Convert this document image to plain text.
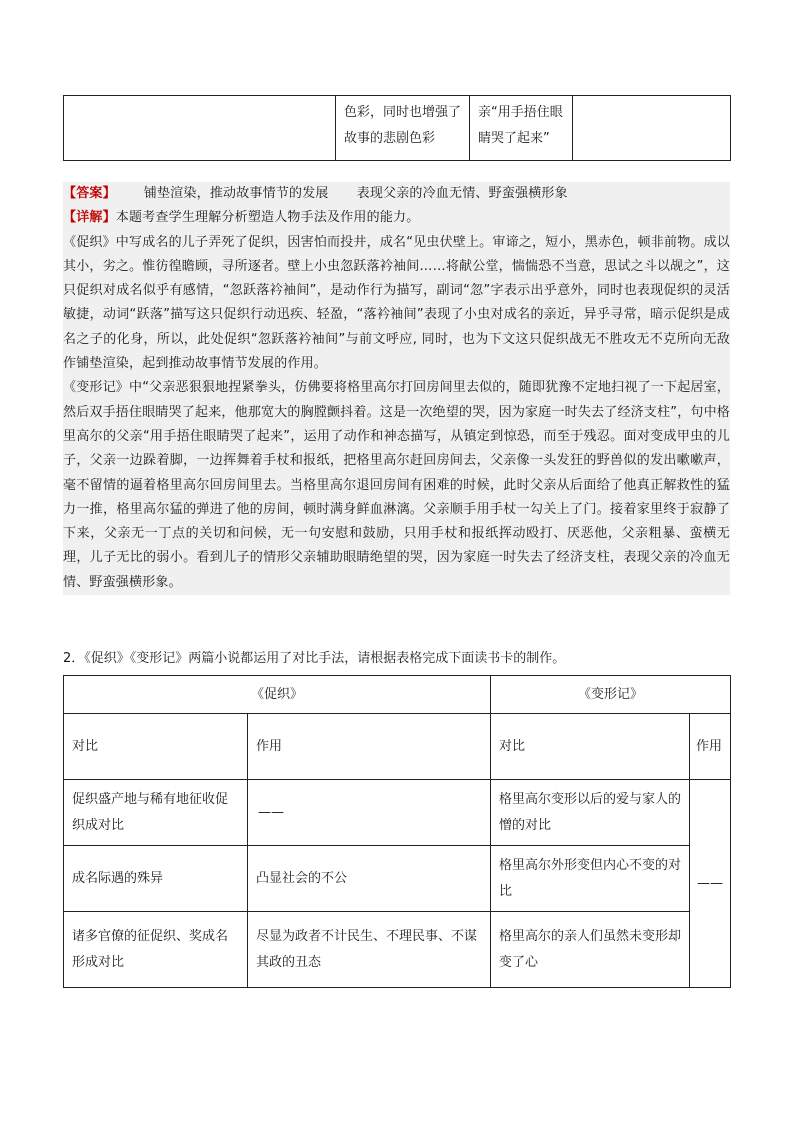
	色彩，同时也增强了故事的悲剧色彩	亲“用手捂住眼睛哭了起来”	

【答案】 铺垫渲染，推动故事情节的发展 表现父亲的冷血无情、野蛮强横形象

【详解】本题考查学生理解分析塑造人物手法及作用的能力。

《促织》中写成名的儿子弄死了促织，因害怕而投井，成名“见虫伏壁上。审谛之，短小，黑赤色，顿非前物。成以其小，劣之。惟彷徨瞻顾，寻所逐者。壁上小虫忽跃落衿袖间……将献公堂，惴惴恐不当意，思试之斗以觇之”，这只促织对成名似乎有感情，“忽跃落衿袖间”，是动作行为描写，副词“忽”字表示出乎意外，同时也表现促织的灵活敏捷，动词“跃落”描写这只促织行动迅疾、轻盈，“落衿袖间”表现了小虫对成名的亲近，异乎寻常，暗示促织是成名之子的化身，所以，此处促织“忽跃落衿袖间”与前文呼应, 同时，也为下文这只促织战无不胜攻无不克所向无敌作铺垫渲染，起到推动故事情节发展的作用。

《变形记》中“父亲恶狠狠地捏紧拳头，仿佛要将格里高尔打回房间里去似的，随即犹豫不定地扫视了一下起居室，然后双手捂住眼睛哭了起来，他那宽大的胸膛颤抖着。这是一次绝望的哭，因为家庭一时失去了经济支柱”，句中格里高尔的父亲“用手捂住眼睛哭了起来”，运用了动作和神态描写，从镇定到惊恐，而至于残忍。面对变成甲虫的儿子，父亲一边跺着脚，一边挥舞着手杖和报纸，把格里高尔赶回房间去，父亲像一头发狂的野兽似的发出嗽嗽声，毫不留情的逼着格里高尔回房间里去。当格里高尔退回房间有困难的时候，此时父亲从后面给了他真正解救性的猛力一推，格里高尔猛的弹进了他的房间，顿时满身鲜血淋漓。父亲顺手用手杖一勾关上了门。接着家里终于寂静了下来，父亲无一丁点的关切和问候，无一句安慰和鼓励，只用手杖和报纸挥动殴打、厌恶他，父亲粗暴、蛮横无理，儿子无比的弱小。看到儿子的情形父亲辅助眼睛绝望的哭，因为家庭一时失去了经济支柱，表现父亲的冷血无情、野蛮强横形象。

2．《促织》《变形记》两篇小说都运用了对比手法，请根据表格完成下面读书卡的制作。
《促织》		《变形记》	
对比	作用	对比	作用
促织盛产地与稀有地征收促织成对比	——	格里高尔变形以后的爱与家人的憎的对比	——
成名际遇的殊异	凸显社会的不公	格里高尔外形变但内心不变的对比	
诸多官僚的征促织、奖成名形成对比	尽显为政者不计民生、不理民事、不谋其政的丑态	格里高尔的亲人们虽然未变形却变了心	
